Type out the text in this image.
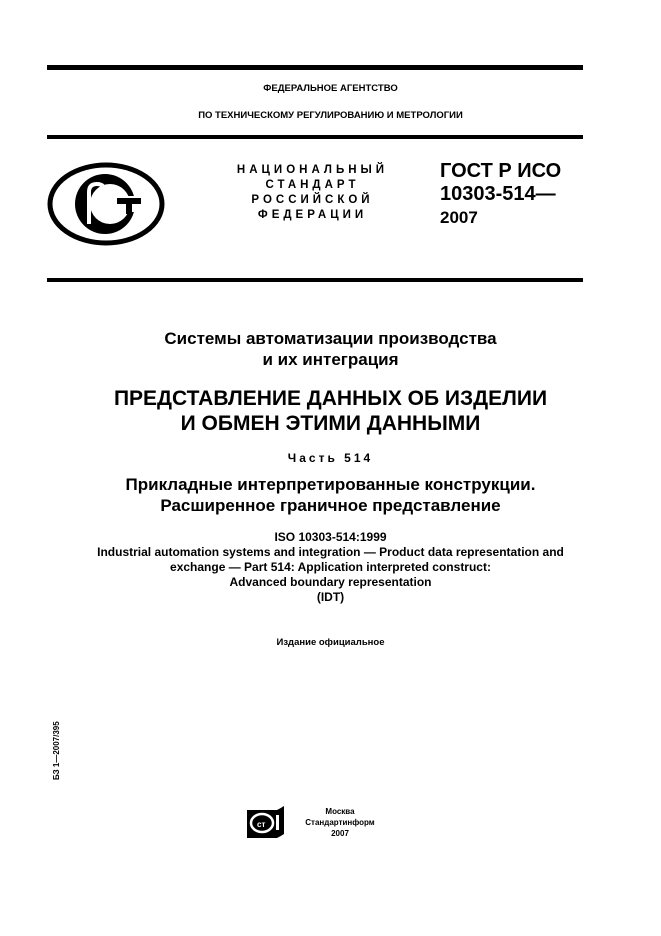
ФЕДЕРАЛЬНОЕ АГЕНТСТВО
ПО ТЕХНИЧЕСКОМУ РЕГУЛИРОВАНИЮ И МЕТРОЛОГИИ
НАЦИОНАЛЬНЫЙ
СТАНДАРТ
РОССИЙСКОЙ
ФЕДЕРАЦИИ
ГОСТ Р ИСО
10303-514—
2007
Системы автоматизации производства
и их интеграция
ПРЕДСТАВЛЕНИЕ ДАННЫХ ОБ ИЗДЕЛИИ
И ОБМЕН ЭТИМИ ДАННЫМИ
Часть 514
Прикладные интерпретированные конструкции.
Расширенное граничное представление
ISO 10303-514:1999
Industrial automation systems and integration — Product data representation and
exchange — Part 514: Application interpreted construct:
Advanced boundary representation
(IDT)
Издание официальное
БЗ 1—2007/395
ст
Москва
Стандартинформ
2007
